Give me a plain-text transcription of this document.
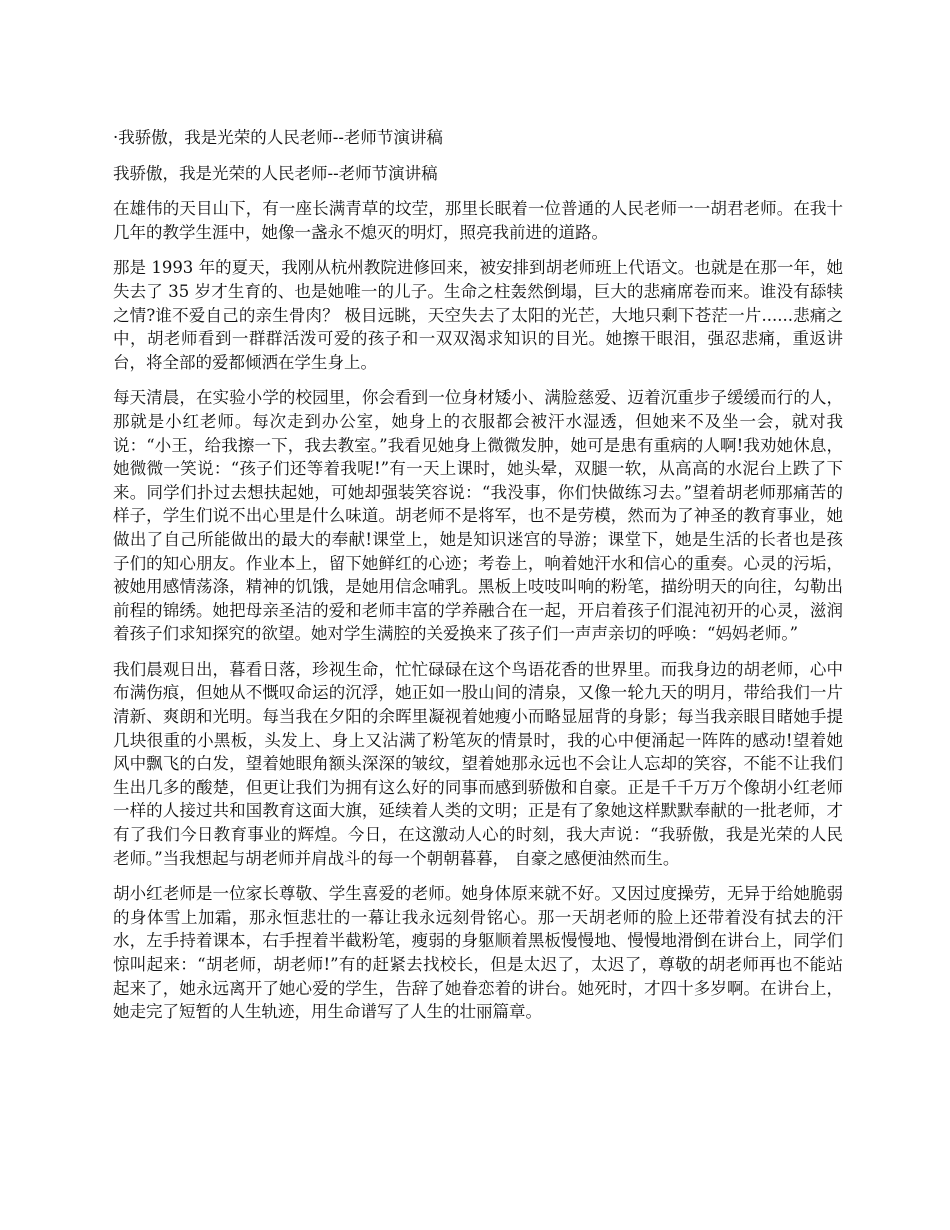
·我骄傲，我是光荣的人民老师--老师节演讲稿

我骄傲，我是光荣的人民老师--老师节演讲稿

在雄伟的天目山下，有一座长满青草的坟茔，那里长眠着一位普通的人民老师一一胡君老师。在我十几年的教学生涯中，她像一盏永不熄灭的明灯，照亮我前进的道路。

那是 1993 年的夏天，我刚从杭州教院进修回来，被安排到胡老师班上代语文。也就是在那一年，她失去了 35 岁才生育的、也是她唯一的儿子。生命之柱轰然倒塌，巨大的悲痛席卷而来。谁没有舔犊之情?谁不爱自己的亲生骨肉？ 极目远眺，天空失去了太阳的光芒，大地只剩下苍茫一片......悲痛之中，胡老师看到一群群活泼可爱的孩子和一双双渴求知识的目光。她擦干眼泪，强忍悲痛，重返讲台，将全部的爱都倾洒在学生身上。

每天清晨，在实验小学的校园里，你会看到一位身材矮小、满脸慈爱、迈着沉重步子缓缓而行的人，那就是小红老师。每次走到办公室，她身上的衣服都会被汗水湿透，但她来不及坐一会，就对我说：“小王，给我擦一下，我去教室。”我看见她身上微微发肿，她可是患有重病的人啊!我劝她休息，她微微一笑说：“孩子们还等着我呢!”有一天上课时，她头晕，双腿一软，从高高的水泥台上跌了下来。同学们扑过去想扶起她，可她却强装笑容说：“我没事，你们快做练习去。”望着胡老师那痛苦的样子，学生们说不出心里是什么味道。胡老师不是将军，也不是劳模，然而为了神圣的教育事业，她做出了自己所能做出的最大的奉献!课堂上，她是知识迷宫的导游；课堂下，她是生活的长者也是孩子们的知心朋友。作业本上，留下她鲜红的心迹；考卷上，响着她汗水和信心的重奏。心灵的污垢，被她用感情荡涤，精神的饥饿，是她用信念哺乳。黑板上吱吱叫响的粉笔，描纷明天的向往，勾勒出前程的锦绣。她把母亲圣洁的爱和老师丰富的学养融合在一起，开启着孩子们混沌初开的心灵，滋润着孩子们求知探究的欲望。她对学生满腔的关爱换来了孩子们一声声亲切的呼唤：“妈妈老师。”

我们晨观日出，暮看日落，珍视生命，忙忙碌碌在这个鸟语花香的世界里。而我身边的胡老师，心中布满伤痕，但她从不慨叹命运的沉浮，她正如一股山间的清泉，又像一轮九天的明月，带给我们一片清新、爽朗和光明。每当我在夕阳的余晖里凝视着她瘦小而略显屈背的身影；每当我亲眼目睹她手提几块很重的小黑板，头发上、身上又沾满了粉笔灰的情景时，我的心中便涌起一阵阵的感动!望着她风中飘飞的白发，望着她眼角额头深深的皱纹，望着她那永远也不会让人忘却的笑容，不能不让我们生出几多的酸楚，但更让我们为拥有这么好的同事而感到骄傲和自豪。正是千千万万个像胡小红老师一样的人接过共和国教育这面大旗，延续着人类的文明；正是有了象她这样默默奉献的一批老师，才有了我们今日教育事业的辉煌。今日，在这激动人心的时刻，我大声说：“我骄傲，我是光荣的人民老师。”当我想起与胡老师并肩战斗的每一个朝朝暮暮， 自豪之感便油然而生。

胡小红老师是一位家长尊敬、学生喜爱的老师。她身体原来就不好。又因过度操劳，无异于给她脆弱的身体雪上加霜，那永恒悲壮的一幕让我永远刻骨铭心。那一天胡老师的脸上还带着没有拭去的汗水，左手持着课本，右手捏着半截粉笔，瘦弱的身躯顺着黑板慢慢地、慢慢地滑倒在讲台上，同学们惊叫起来：“胡老师，胡老师!”有的赶紧去找校长，但是太迟了，太迟了，尊敬的胡老师再也不能站起来了，她永远离开了她心爱的学生，告辞了她眷恋着的讲台。她死时，才四十多岁啊。在讲台上，她走完了短暂的人生轨迹，用生命谱写了人生的壮丽篇章。
